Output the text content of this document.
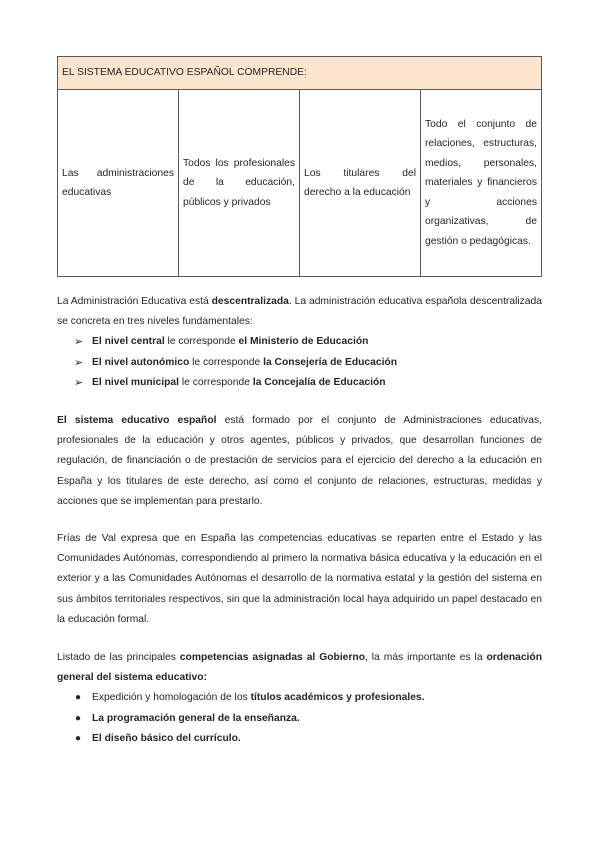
EL SISTEMA EDUCATIVO ESPAÑOL COMPRENDE:
Las administraciones educativas	Todos los profesionales de la educación, públicos y privados	Los titulares del derecho a la educación	Todo el conjunto de relaciones, estructuras, medios, personales, materiales y financieros y acciones organizativas, de gestión o pedagógicas.

La Administración Educativa está descentralizada. La administración educativa española descentralizada se concreta en tres niveles fundamentales:

➢ El nivel central le corresponde el Ministerio de Educación
➢ El nivel autonómico le corresponde la Consejería de Educación
➢ El nivel municipal le corresponde la Concejalía de Educación

El sistema educativo español está formado por el conjunto de Administraciones educativas, profesionales de la educación y otros agentes, públicos y privados, que desarrollan funciones de regulación, de financiación o de prestación de servicios para el ejercicio del derecho a la educación en España y los titulares de este derecho, así como el conjunto de relaciones, estructuras, medidas y acciones que se implementan para prestarlo.

Frías de Val expresa que en España las competencias educativas se reparten entre el Estado y las Comunidades Autónomas, correspondiendo al primero la normativa básica educativa y la educación en el exterior y a las Comunidades Autónomas el desarrollo de la normativa estatal y la gestión del sistema en sus ámbitos territoriales respectivos, sin que la administración local haya adquirido un papel destacado en la educación formal.

Listado de las principales competencias asignadas al Gobierno, la más importante es la ordenación general del sistema educativo:

● Expedición y homologación de los títulos académicos y profesionales.
● La programación general de la enseñanza.
● El diseño básico del currículo.
